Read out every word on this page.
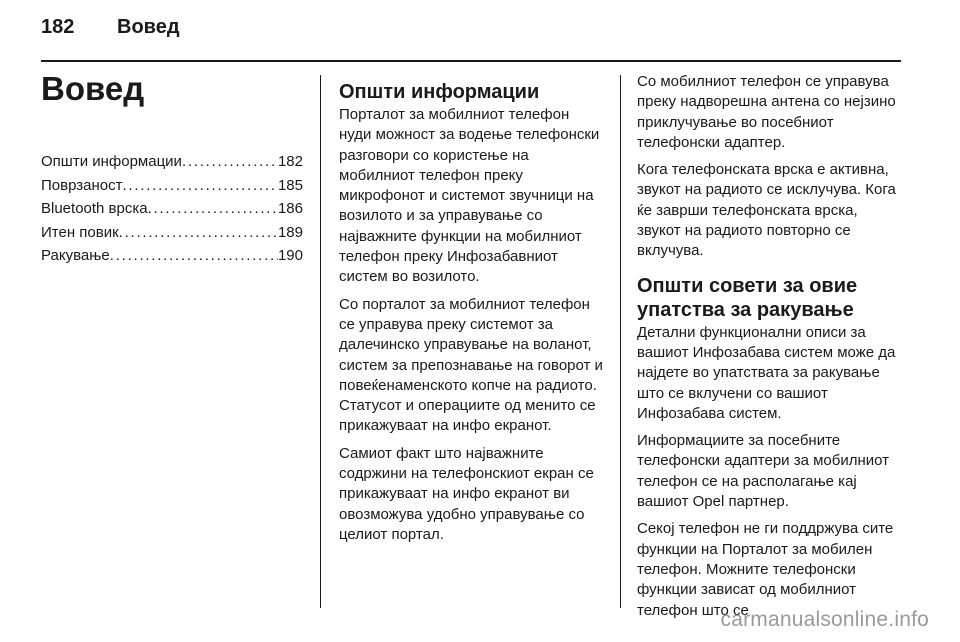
182 Вовед
Вовед
Општи информации . . .	182
Поврзаност . . .	185
Bluetooth врска . . .	186
Итен повик . . .	189
Ракување . . .	190
Општи информации

Порталот за мобилниот телефон нуди можност за водење телефонски разговори со користење на мобилниот телефон преку микрофонот и системот звучници на возилото и за управување со најважните функции на мобилниот телефон преку Инфозабавниот систем во возилото.

Со порталот за мобилниот телефон се управува преку системот за далечинско управување на воланот, систем за препознавање на говорот и повеќенаменското копче на радиото. Статусот и операциите од менито се прикажуваат на инфо екранот.

Самиот факт што најважните содржини на телефонскиот екран се прикажуваат на инфо екранот ви овозможува удобно управување со целиот портал.

Со мобилниот телефон се управува преку надворешна антена со нејзино приклучување во посебниот телефонски адаптер.

Кога телефонската врска е активна, звукот на радиото се исклучува. Кога ќе заврши телефонската врска, звукот на радиото повторно се вклучува.

Општи совети за овие упатства за ракување

Детални функционални описи за вашиот Инфозабава систем може да најдете во упатствата за ракување што се вклучени со вашиот Инфозабава систем.

Информациите за посебните телефонски адаптери за мобилниот телефон се на располагање кај вашиот Opel партнер.

Секој телефон не ги поддржува сите функции на Порталот за мобилен телефон. Можните телефонски функции зависат од мобилниот телефон што се

carmanualsonline.info
